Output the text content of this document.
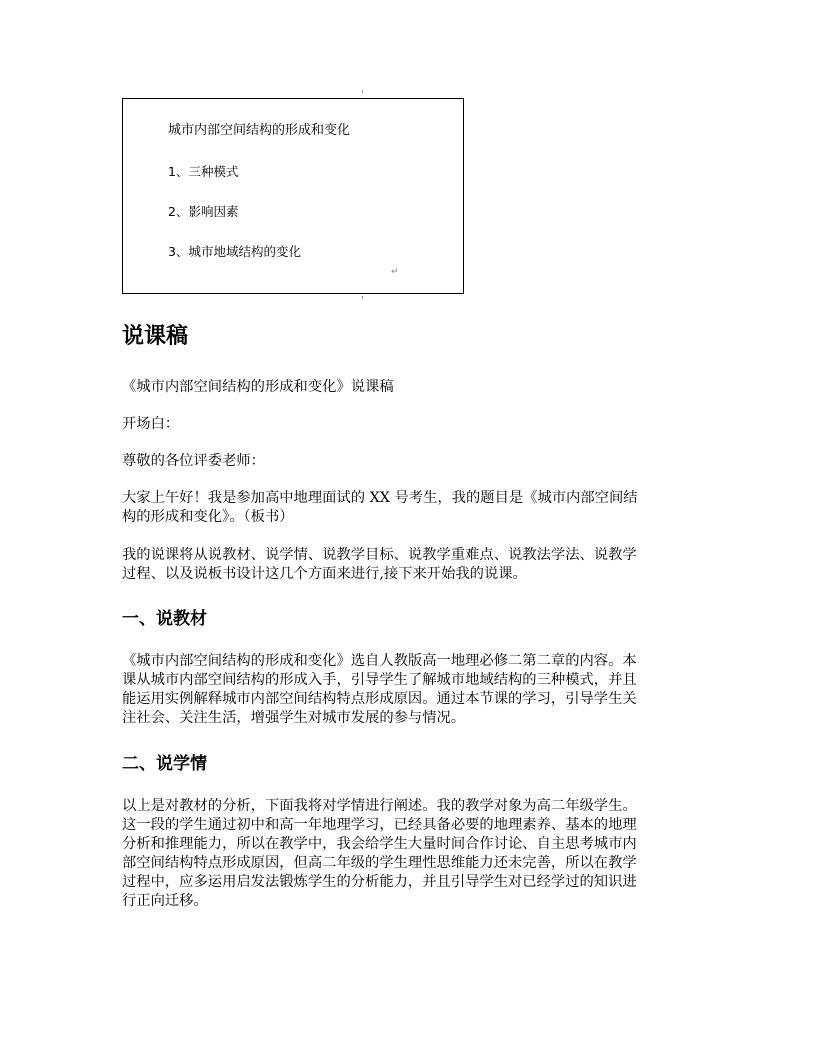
城市内部空间结构的形成和变化
1、三种模式
2、影响因素
3、城市地域结构的变化
↵
说课稿
《城市内部空间结构的形成和变化》说课稿
开场白：
尊敬的各位评委老师：
大家上午好！我是参加高中地理面试的 XX 号考生，我的题目是《城市内部空间结
构的形成和变化》。（板书）
我的说课将从说教材、说学情、说教学目标、说教学重难点、说教法学法、说教学
过程、以及说板书设计这几个方面来进行,接下来开始我的说课。
一、说教材
《城市内部空间结构的形成和变化》选自人教版高一地理必修二第二章的内容。本
课从城市内部空间结构的形成入手，引导学生了解城市地域结构的三种模式，并且
能运用实例解释城市内部空间结构特点形成原因。通过本节课的学习，引导学生关
注社会、关注生活，增强学生对城市发展的参与情况。
二、说学情
以上是对教材的分析，下面我将对学情进行阐述。我的教学对象为高二年级学生。
这一段的学生通过初中和高一年地理学习，已经具备必要的地理素养、基本的地理
分析和推理能力，所以在教学中，我会给学生大量时间合作讨论、自主思考城市内
部空间结构特点形成原因，但高二年级的学生理性思维能力还未完善，所以在教学
过程中，应多运用启发法锻炼学生的分析能力，并且引导学生对已经学过的知识进
行正向迁移。
